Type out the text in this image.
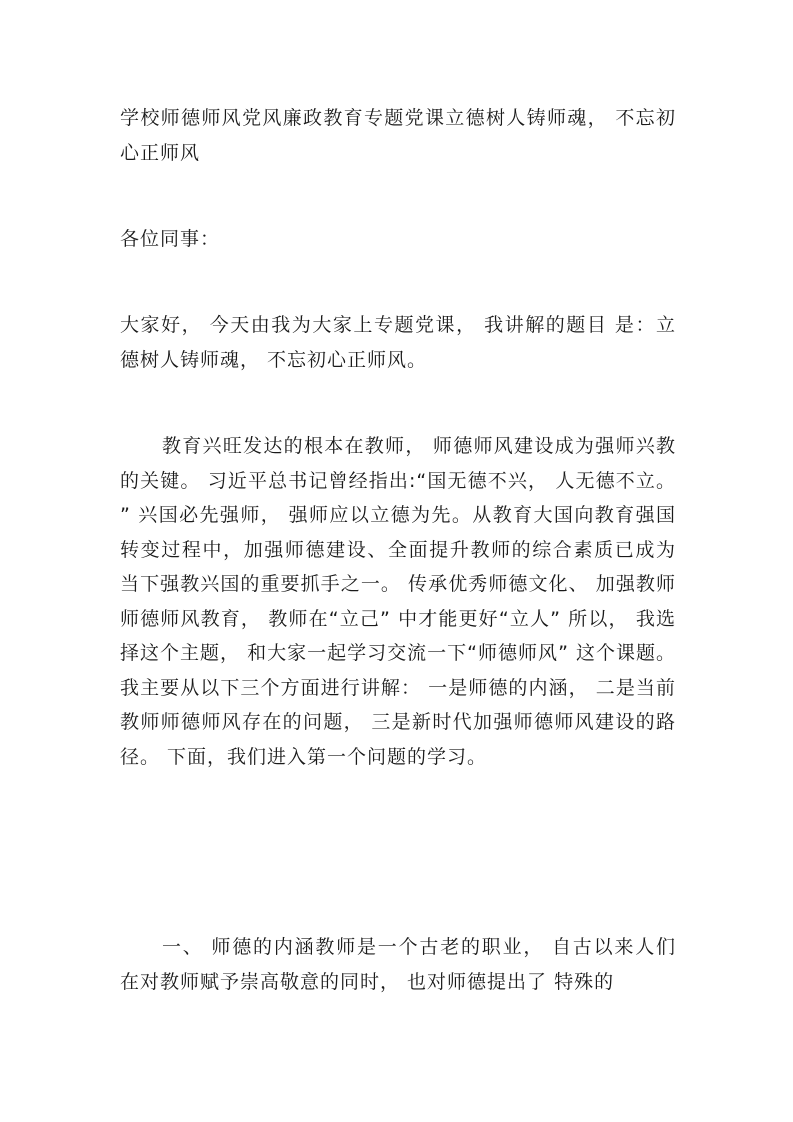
学校师德师风党风廉政教育专题党课立德树人铸师魂， 不忘初心正师风

各位同事：

大家好， 今天由我为大家上专题党课， 我讲解的题目 是：立德树人铸师魂， 不忘初心正师风。

教育兴旺发达的根本在教师， 师德师风建设成为强师兴教的关键。 习近平总书记曾经指出:“国无德不兴， 人无德不立。 ” 兴国必先强师， 强师应以立德为先。从教育大国向教育强国转变过程中，加强师德建设、全面提升教师的综合素质已成为当下强教兴国的重要抓手之一。 传承优秀师德文化、 加强教师师德师风教育， 教师在“立己” 中才能更好“立人” 所以， 我选择这个主题， 和大家一起学习交流一下“师德师风” 这个课题。我主要从以下三个方面进行讲解： 一是师德的内涵， 二是当前教师师德师风存在的问题， 三是新时代加强师德师风建设的路径。 下面，我们进入第一个问题的学习。

一、 师德的内涵教师是一个古老的职业， 自古以来人们在对教师赋予崇高敬意的同时， 也对师德提出了 特殊的
